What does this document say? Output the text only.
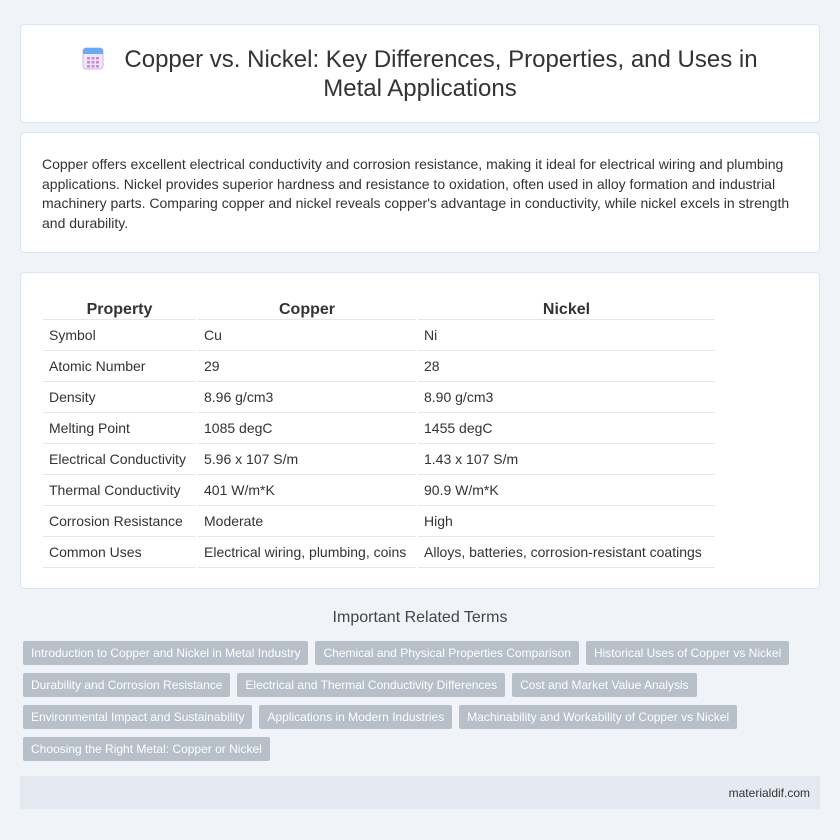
Copper vs. Nickel: Key Differences, Properties, and Uses in Metal Applications

Copper offers excellent electrical conductivity and corrosion resistance, making it ideal for electrical wiring and plumbing applications. Nickel provides superior hardness and resistance to oxidation, often used in alloy formation and industrial machinery parts. Comparing copper and nickel reveals copper's advantage in conductivity, while nickel excels in strength and durability.

Property	Copper	Nickel
Symbol	Cu	Ni
Atomic Number	29	28
Density	8.96 g/cm3	8.90 g/cm3
Melting Point	1085 degC	1455 degC
Electrical Conductivity	5.96 x 107 S/m	1.43 x 107 S/m
Thermal Conductivity	401 W/m*K	90.9 W/m*K
Corrosion Resistance	Moderate	High
Common Uses	Electrical wiring, plumbing, coins	Alloys, batteries, corrosion-resistant coatings
Important Related Terms
Introduction to Copper and Nickel in Metal Industry	Chemical and Physical Properties Comparison	Historical Uses of Copper vs Nickel
Durability and Corrosion Resistance	Electrical and Thermal Conductivity Differences	Cost and Market Value Analysis
Environmental Impact and Sustainability	Applications in Modern Industries	Machinability and Workability of Copper vs Nickel
Choosing the Right Metal: Copper or Nickel
materialdif.com
